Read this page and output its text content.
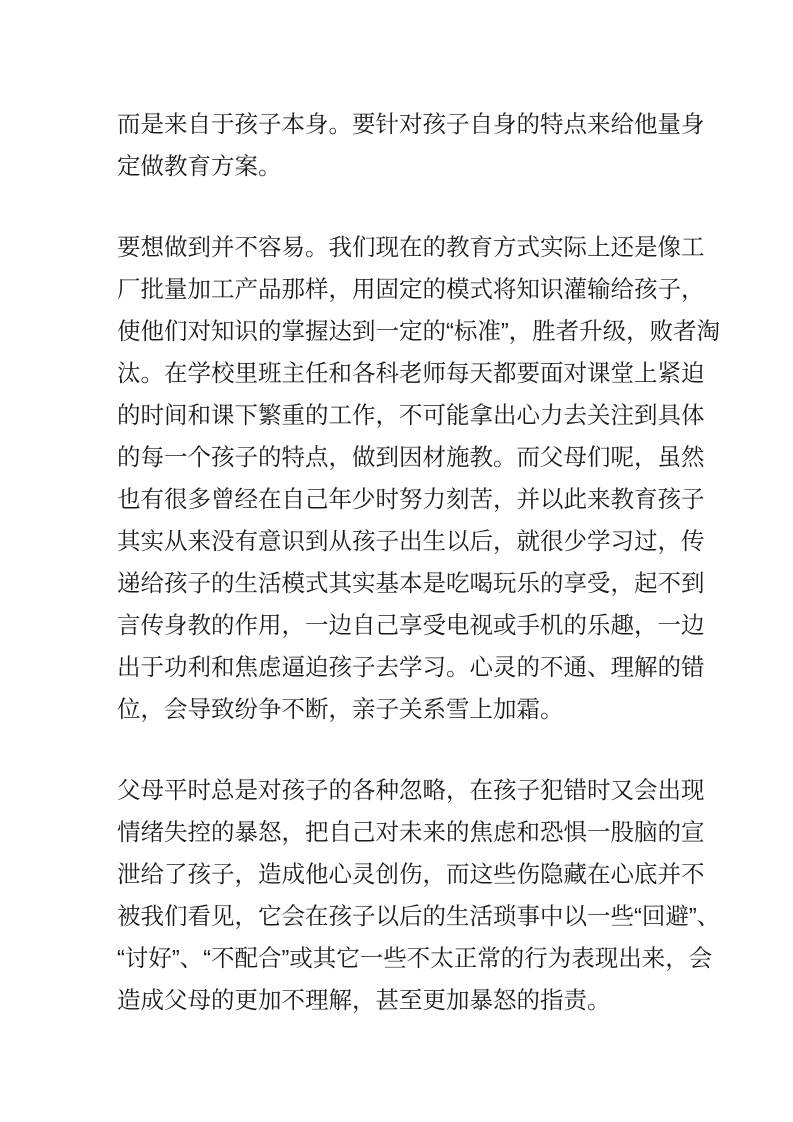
而是来自于孩子本身。要针对孩子自身的特点来给他量身
定做教育方案。

要想做到并不容易。我们现在的教育方式实际上还是像工
厂批量加工产品那样，用固定的模式将知识灌输给孩子，
使他们对知识的掌握达到一定的“标准”，胜者升级，败者淘
汰。在学校里班主任和各科老师每天都要面对课堂上紧迫
的时间和课下繁重的工作，不可能拿出心力去关注到具体
的每一个孩子的特点，做到因材施教。而父母们呢，虽然
也有很多曾经在自己年少时努力刻苦，并以此来教育孩子
其实从来没有意识到从孩子出生以后，就很少学习过，传
递给孩子的生活模式其实基本是吃喝玩乐的享受，起不到
言传身教的作用，一边自己享受电视或手机的乐趣，一边
出于功利和焦虑逼迫孩子去学习。心灵的不通、理解的错
位，会导致纷争不断，亲子关系雪上加霜。

父母平时总是对孩子的各种忽略，在孩子犯错时又会出现
情绪失控的暴怒，把自己对未来的焦虑和恐惧一股脑的宣
泄给了孩子，造成他心灵创伤，而这些伤隐藏在心底并不
被我们看见，它会在孩子以后的生活琐事中以一些“回避”、
“讨好”、“不配合”或其它一些不太正常的行为表现出来，会
造成父母的更加不理解，甚至更加暴怒的指责。
